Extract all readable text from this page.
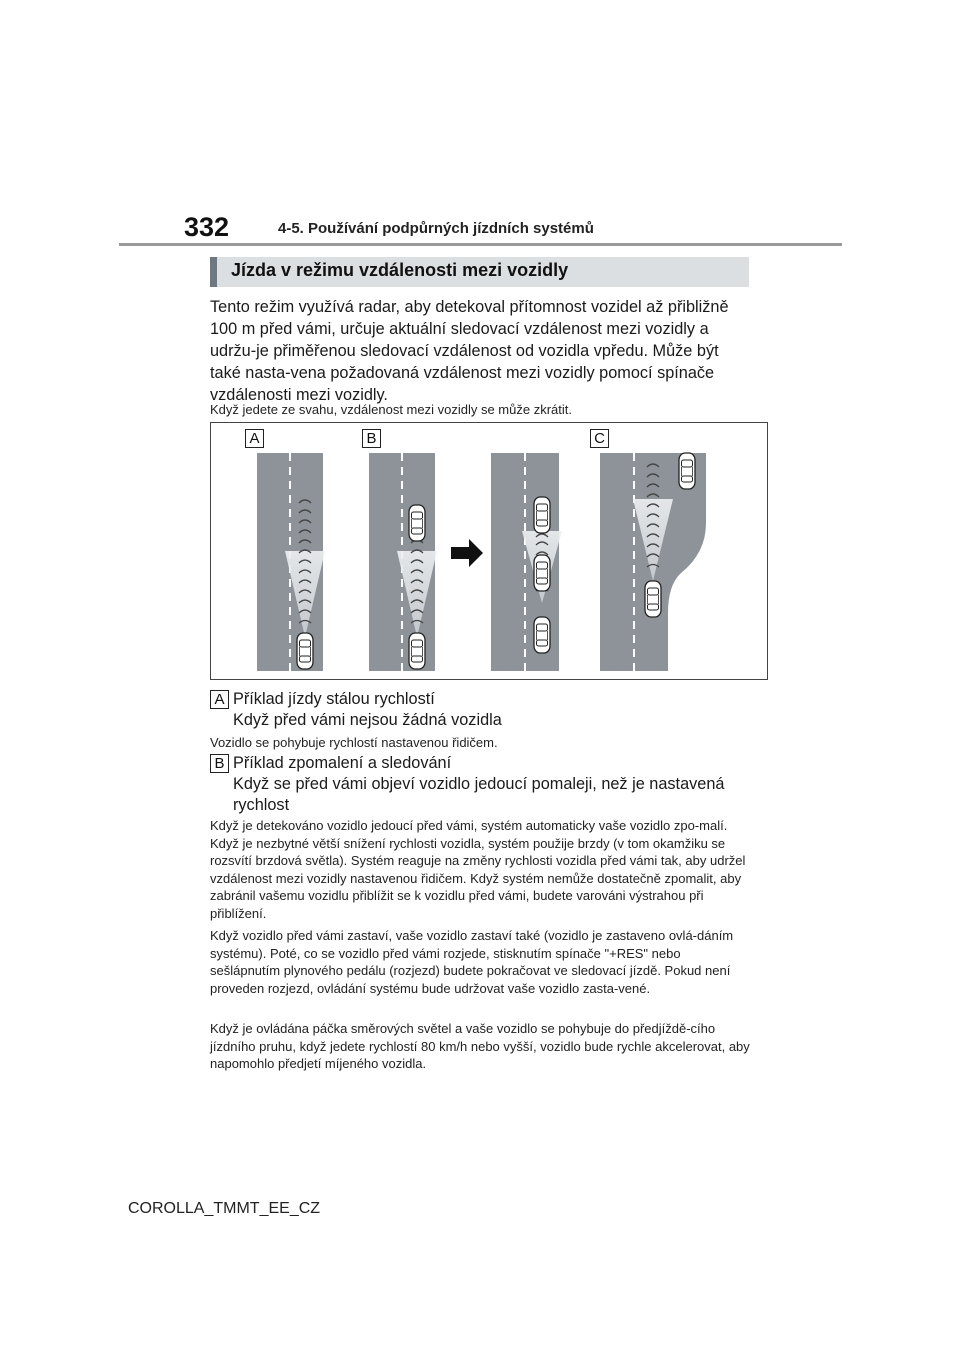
332	4-5. Používání podpůrných jízdních systémů
Jízda v režimu vzdálenosti mezi vozidly

Tento režim využívá radar, aby detekoval přítomnost vozidel až přibližně 100 m před vámi, určuje aktuální sledovací vzdálenost mezi vozidly a udržu-je přiměřenou sledovací vzdálenost od vozidla vpředu. Může být také nasta-vena požadovaná vzdálenost mezi vozidly pomocí spínače vzdálenosti mezi vozidly.

Když jedete ze svahu, vzdálenost mezi vozidly se může zkrátit.

A	B	C
A Příklad jízdy stálou rychlostí

Když před vámi nejsou žádná vozidla

Vozidlo se pohybuje rychlostí nastavenou řidičem.

B Příklad zpomalení a sledování

Když se před vámi objeví vozidlo jedoucí pomaleji, než je nastavená rychlost

Když je detekováno vozidlo jedoucí před vámi, systém automaticky vaše vozidlo zpo-malí. Když je nezbytné větší snížení rychlosti vozidla, systém použije brzdy (v tom okamžiku se rozsvítí brzdová světla). Systém reaguje na změny rychlosti vozidla před vámi tak, aby udržel vzdálenost mezi vozidly nastavenou řidičem. Když systém nemůže dostatečně zpomalit, aby zabránil vašemu vozidlu přiblížit se k vozidlu před vámi, budete varováni výstrahou při přiblížení.

Když vozidlo před vámi zastaví, vaše vozidlo zastaví také (vozidlo je zastaveno ovlá-dáním systému). Poté, co se vozidlo před vámi rozjede, stisknutím spínače "+RES" nebo sešlápnutím plynového pedálu (rozjezd) budete pokračovat ve sledovací jízdě. Pokud není proveden rozjezd, ovládání systému bude udržovat vaše vozidlo zasta-vené.

Když je ovládána páčka směrových světel a vaše vozidlo se pohybuje do předjíždě-cího jízdního pruhu, když jedete rychlostí 80 km/h nebo vyšší, vozidlo bude rychle akcelerovat, aby napomohlo předjetí míjeného vozidla.

COROLLA_TMMT_EE_CZ
